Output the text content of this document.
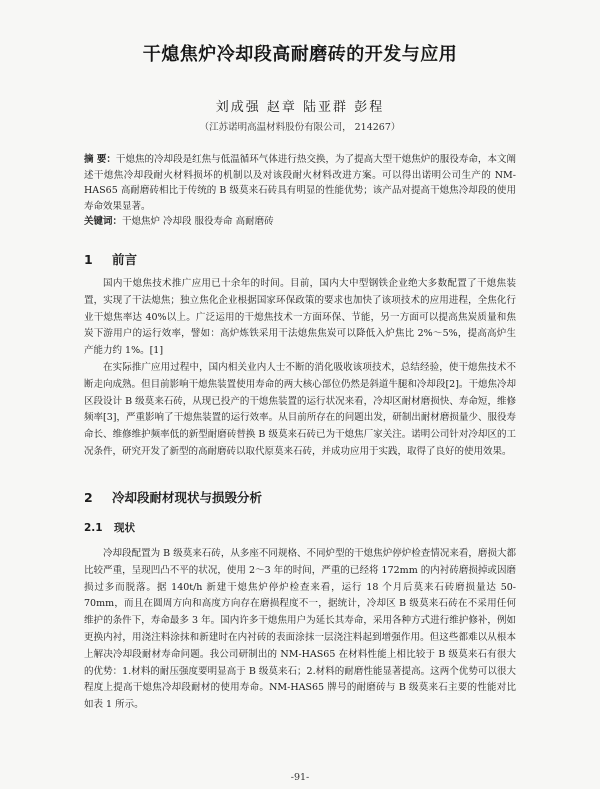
干熄焦炉冷却段高耐磨砖的开发与应用
刘成强 赵章 陆亚群 彭程
（江苏诺明高温材料股份有限公司， 214267）
摘 要：干熄焦的冷却段是红焦与低温循环气体进行热交换，为了提高大型干熄焦炉的服役寿命，本文阐述干熄焦冷却段耐火材料损坏的机制以及对该段耐火材料改进方案。可以得出诺明公司生产的 NM-HAS65 高耐磨砖相比于传统的 B 级莫来石砖具有明显的性能优势；该产品对提高干熄焦冷却段的使用寿命效果显著。
关键词：干熄焦炉 冷却段 服役寿命 高耐磨砖
1 前言

国内干熄焦技术推广应用已十余年的时间。目前，国内大中型钢铁企业绝大多数配置了干熄焦装置，实现了干法熄焦；独立焦化企业根据国家环保政策的要求也加快了该项技术的应用进程，全焦化行业干熄焦率达 40%以上。广泛运用的干熄焦技术一方面环保、节能，另一方面可以提高焦炭质量和焦炭下游用户的运行效率，譬如：高炉炼铁采用干法熄焦焦炭可以降低入炉焦比 2%～5%，提高高炉生产能力约 1%。[1]

在实际推广应用过程中，国内相关业内人士不断的消化吸收该项技术，总结经验，使干熄焦技术不断走向成熟。但目前影响干熄焦装置使用寿命的两大核心部位仍然是斜道牛腿和冷却段[2]。干熄焦冷却区段设计 B 级莫来石砖，从现已投产的干熄焦装置的运行状况来看，冷却区耐材磨损快、寿命短，维修频率[3]，严重影响了干熄焦装置的运行效率。从目前所存在的问题出发，研制出耐材磨损量少、服役寿命长、维修维护频率低的新型耐磨砖替换 B 级莫来石砖已为干熄焦厂家关注。诺明公司针对冷却区的工况条件，研究开发了新型的高耐磨砖以取代原莫来石砖，并成功应用于实践，取得了良好的使用效果。

2 冷却段耐材现状与损毁分析
2.1 现状

冷却段配置为 B 级莫来石砖，从多座不同规格、不同炉型的干熄焦炉停炉检查情况来看，磨损大都比较严重，呈现凹凸不平的状况，使用 2～3 年的时间，严重的已经将 172mm 的内衬砖磨损掉或因磨损过多而脱落。据 140t/h 新建干熄焦炉停炉检查来看，运行 18 个月后莫来石砖磨损量达 50-70mm，而且在圆周方向和高度方向存在磨损程度不一，据统计，冷却区 B 级莫来石砖在不采用任何维护的条件下，寿命最多 3 年。国内许多干熄焦用户为延长其寿命，采用各种方式进行维护修补，例如更换内衬，用浇注料涂抹和新建时在内衬砖的表面涂抹一层浇注料起到增强作用。但这些都难以从根本上解决冷却段耐材寿命问题。我公司研制出的 NM-HAS65 在材料性能上相比较于 B 级莫来石有很大的优势：1.材料的耐压强度要明显高于 B 级莫来石；2.材料的耐磨性能显著提高。这两个优势可以很大程度上提高干熄焦冷却段耐材的使用寿命。NM-HAS65 牌号的耐磨砖与 B 级莫来石主要的性能对比如表 1 所示。

-91-
